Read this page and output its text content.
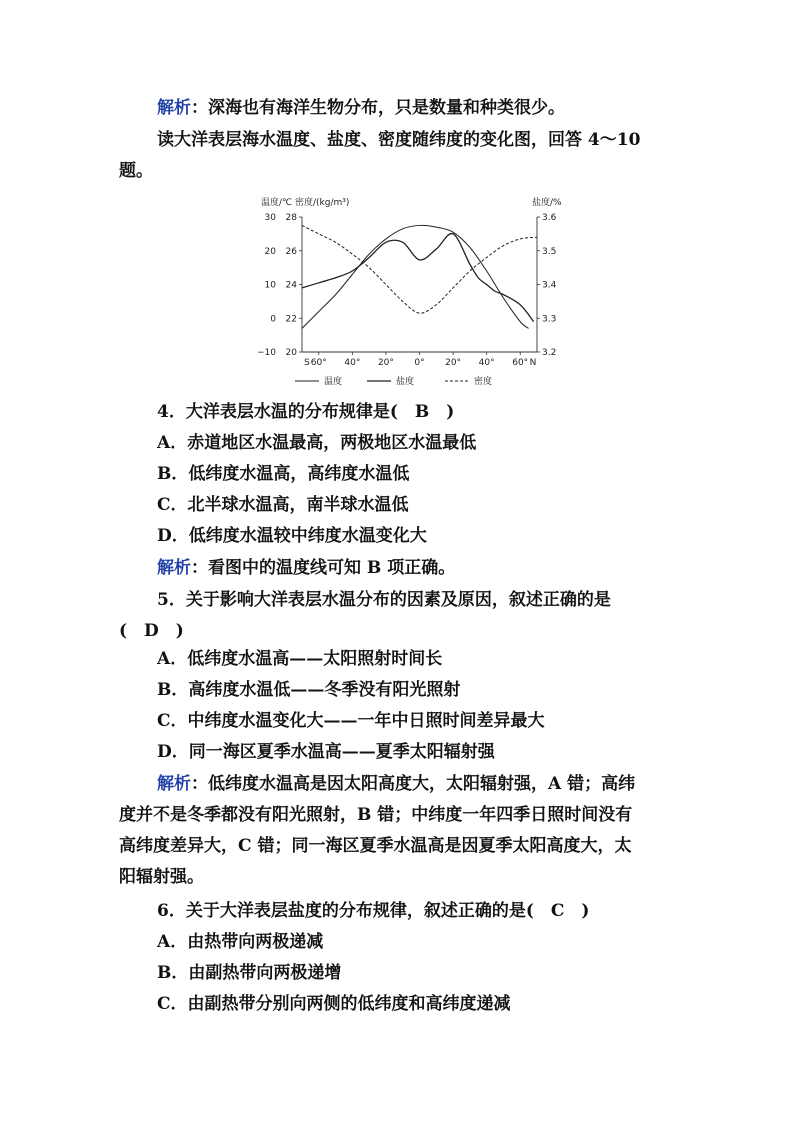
解析：深海也有海洋生物分布，只是数量和种类很少。
读大洋表层海水温度、盐度、密度随纬度的变化图，回答 4～10
题。
温度/℃ 密度/(kg/m³)	盐度/%
30 28	3.6
20 26	3.5
10 24	3.4
0 22	3.3
−10 20	3.2
S 60° 40° 20° 0° 20° 40° 60° N
温度	盐度	密度
4．大洋表层水温的分布规律是(　B　)
A．赤道地区水温最高，两极地区水温最低
B．低纬度水温高，高纬度水温低
C．北半球水温高，南半球水温低
D．低纬度水温较中纬度水温变化大
解析：看图中的温度线可知 B 项正确。
5．关于影响大洋表层水温分布的因素及原因，叙述正确的是
(　D　)
A．低纬度水温高——太阳照射时间长
B．高纬度水温低——冬季没有阳光照射
C．中纬度水温变化大——一年中日照时间差异最大
D．同一海区夏季水温高——夏季太阳辐射强
解析：低纬度水温高是因太阳高度大，太阳辐射强，A 错；高纬
度并不是冬季都没有阳光照射，B 错；中纬度一年四季日照时间没有
高纬度差异大，C 错；同一海区夏季水温高是因夏季太阳高度大，太
阳辐射强。
6．关于大洋表层盐度的分布规律，叙述正确的是(　C　)
A．由热带向两极递减
B．由副热带向两极递增
C．由副热带分别向两侧的低纬度和高纬度递减
